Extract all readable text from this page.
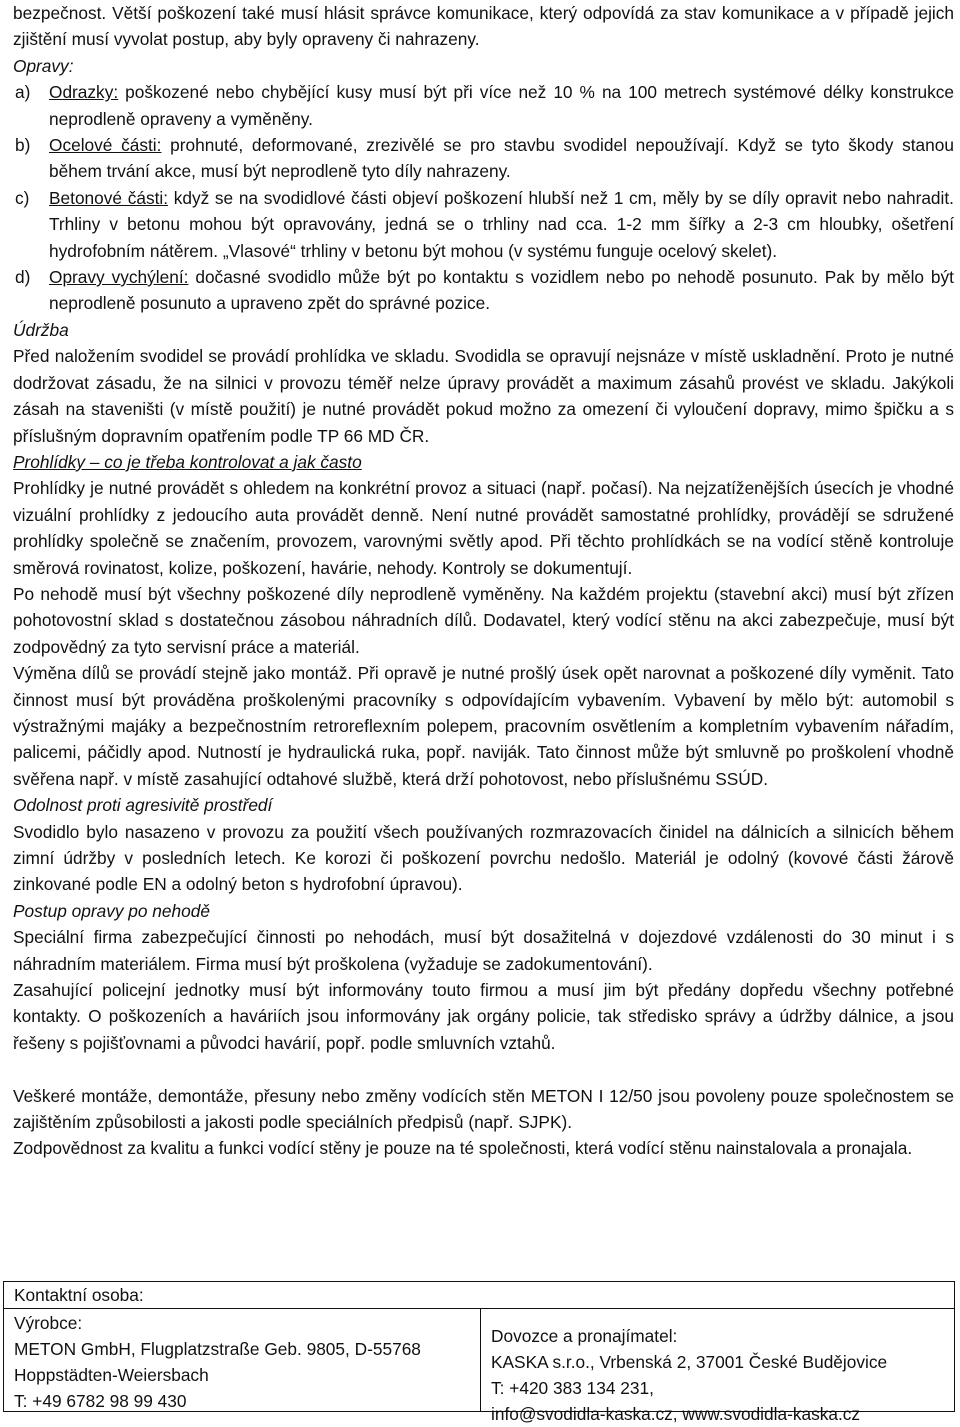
bezpečnost. Větší poškození také musí hlásit správce komunikace, který odpovídá za stav komunikace a v případě jejich zjištění musí vyvolat postup, aby byly opraveny či nahrazeny.

Opravy:

a)	Odrazky: poškozené nebo chybějící kusy musí být při více než 10 % na 100 metrech systémové délky konstrukce neprodleně opraveny a vyměněny.
b)	Ocelové části: prohnuté, deformované, zrezivělé se pro stavbu svodidel nepoužívají. Když se tyto škody stanou během trvání akce, musí být neprodleně tyto díly nahrazeny.
c)	Betonové části: když se na svodidlové části objeví poškození hlubší než 1 cm, měly by se díly opravit nebo nahradit. Trhliny v betonu mohou být opravovány, jedná se o trhliny nad cca. 1-2 mm šířky a 2-3 cm hloubky, ošetření hydrofobním nátěrem. „Vlasové“ trhliny v betonu být mohou (v systému funguje ocelový skelet).
d)	Opravy vychýlení: dočasné svodidlo může být po kontaktu s vozidlem nebo po nehodě posunuto. Pak by mělo být neprodleně posunuto a upraveno zpět do správné pozice.

Údržba

Před naložením svodidel se provádí prohlídka ve skladu. Svodidla se opravují nejsnáze v místě uskladnění. Proto je nutné dodržovat zásadu, že na silnici v provozu téměř nelze úpravy provádět a maximum zásahů provést ve skladu. Jakýkoli zásah na staveništi (v místě použití) je nutné provádět pokud možno za omezení či vyloučení dopravy, mimo špičku a s příslušným dopravním opatřením podle TP 66 MD ČR.

Prohlídky – co je třeba kontrolovat a jak často

Prohlídky je nutné provádět s ohledem na konkrétní provoz a situaci (např. počasí). Na nejzatíženějších úsecích je vhodné vizuální prohlídky z jedoucího auta provádět denně. Není nutné provádět samostatné prohlídky, provádějí se sdružené prohlídky společně se značením, provozem, varovnými světly apod. Při těchto prohlídkách se na vodící stěně kontroluje směrová rovinatost, kolize, poškození, havárie, nehody. Kontroly se dokumentují.

Po nehodě musí být všechny poškozené díly neprodleně vyměněny. Na každém projektu (stavební akci) musí být zřízen pohotovostní sklad s dostatečnou zásobou náhradních dílů. Dodavatel, který vodící stěnu na akci zabezpečuje, musí být zodpovědný za tyto servisní práce a materiál.

Výměna dílů se provádí stejně jako montáž. Při opravě je nutné prošlý úsek opět narovnat a poškozené díly vyměnit. Tato činnost musí být prováděna proškolenými pracovníky s odpovídajícím vybavením. Vybavení by mělo být: automobil s výstražnými majáky a bezpečnostním retroreflexním polepem, pracovním osvětlením a kompletním vybavením nářadím, palicemi, páčidly apod. Nutností je hydraulická ruka, popř. naviják. Tato činnost může být smluvně po proškolení vhodně svěřena např. v místě zasahující odtahové službě, která drží pohotovost, nebo příslušnému SSÚD.

Odolnost proti agresivitě prostředí

Svodidlo bylo nasazeno v provozu za použití všech používaných rozmrazovacích činidel na dálnicích a silnicích během zimní údržby v posledních letech. Ke korozi či poškození povrchu nedošlo. Materiál je odolný (kovové části žárově zinkované podle EN a odolný beton s hydrofobní úpravou).

Postup opravy po nehodě

Speciální firma zabezpečující činnosti po nehodách, musí být dosažitelná v dojezdové vzdálenosti do 30 minut i s náhradním materiálem. Firma musí být proškolena (vyžaduje se zadokumentování).

Zasahující policejní jednotky musí být informovány touto firmou a musí jim být předány dopředu všechny potřebné kontakty. O poškozeních a haváriích jsou informovány jak orgány policie, tak středisko správy a údržby dálnice, a jsou řešeny s pojišťovnami a původci havárií, popř. podle smluvních vztahů.

Veškeré montáže, demontáže, přesuny nebo změny vodících stěn METON I 12/50 jsou povoleny pouze společnostem se zajištěním způsobilosti a jakosti podle speciálních předpisů (např. SJPK).

Zodpovědnost za kvalitu a funkci vodící stěny je pouze na té společnosti, která vodící stěnu nainstalovala a pronajala.

Kontaktní osoba:
Výrobce:
METON GmbH, Flugplatzstraße Geb. 9805, D-55768
Hoppstädten-Weiersbach
T: +49 6782 98 99 430
Dovozce a pronajímatel:
KASKA s.r.o., Vrbenská 2, 37001 České Budějovice
T: +420 383 134 231,
info@svodidla-kaska.cz, www.svodidla-kaska.cz
